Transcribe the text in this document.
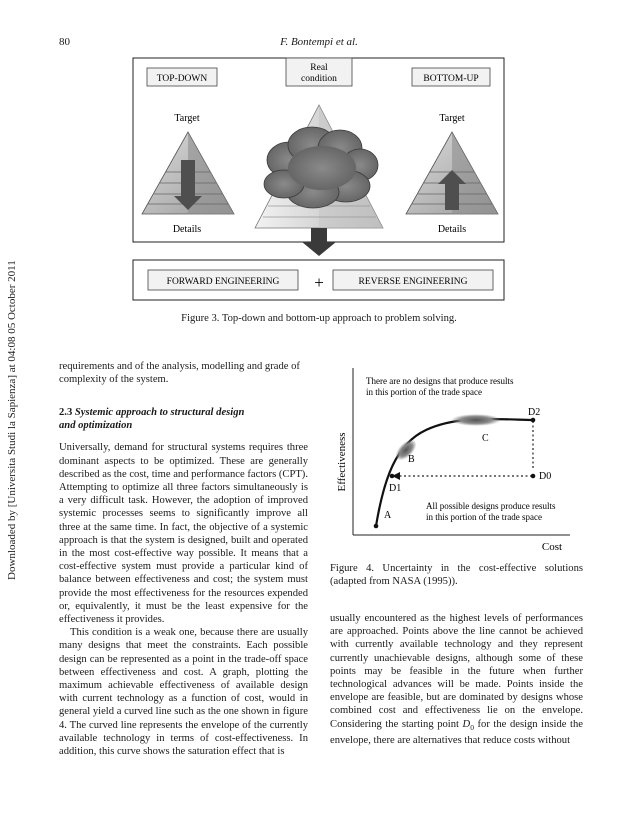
80	F. Bontempi et al.
Downloaded by [Universita Studi la Sapienza] at 04:08 05 October 2011
TOP-DOWN
Real
condition	BOTTOM-UP
Target	Target
Details	Details
FORWARD ENGINEERING +	REVERSE ENGINEERING
Figure 3. Top-down and bottom-up approach to problem solving.

requirements and of the analysis, modelling and grade of complexity of the system.

2.3 Systemic approach to structural design
and optimization

Universally, demand for structural systems requires three dominant aspects to be optimized. These are generally described as the cost, time and performance factors (CPT). Attempting to optimize all three factors simultaneously is a very difficult task. However, the adoption of improved systemic processes seems to significantly improve all three at the same time. In fact, the objective of a systemic approach is that the system is designed, built and operated in the most cost-effective way possible. It means that a cost-effective system must provide a particular kind of balance between effectiveness and cost; the system must provide the most effectiveness for the resources expended or, equivalently, it must be the least expensive for the effectiveness it provides.

This condition is a weak one, because there are usually many designs that meet the constraints. Each possible design can be represented as a point in the trade-off space between effectiveness and cost. A graph, plotting the maximum achievable effectiveness of available design with current technology as a function of cost, would in general yield a curved line such as the one shown in figure 4. The curved line represents the envelope of the currently available technology in terms of cost-effectiveness. In addition, this curve shows the saturation effect that is

Effectiveness
Cost
There are no designs that produce results
in this portion of the trade space
D2
D0
D1
A
B
C
All possible designs produce results
in this portion of the trade space
Figure 4. Uncertainty in the cost-effective solutions (adapted from NASA (1995)).

usually encountered as the highest levels of performances are approached. Points above the line cannot be achieved with currently available technology and they represent currently unachievable designs, although some of these points may be feasible in the future when further technological advances will be made. Points inside the envelope are feasible, but are dominated by designs whose combined cost and effectiveness lie on the envelope. Considering the starting point $D_0$ for the design inside the envelope, there are alternatives that reduce costs without
